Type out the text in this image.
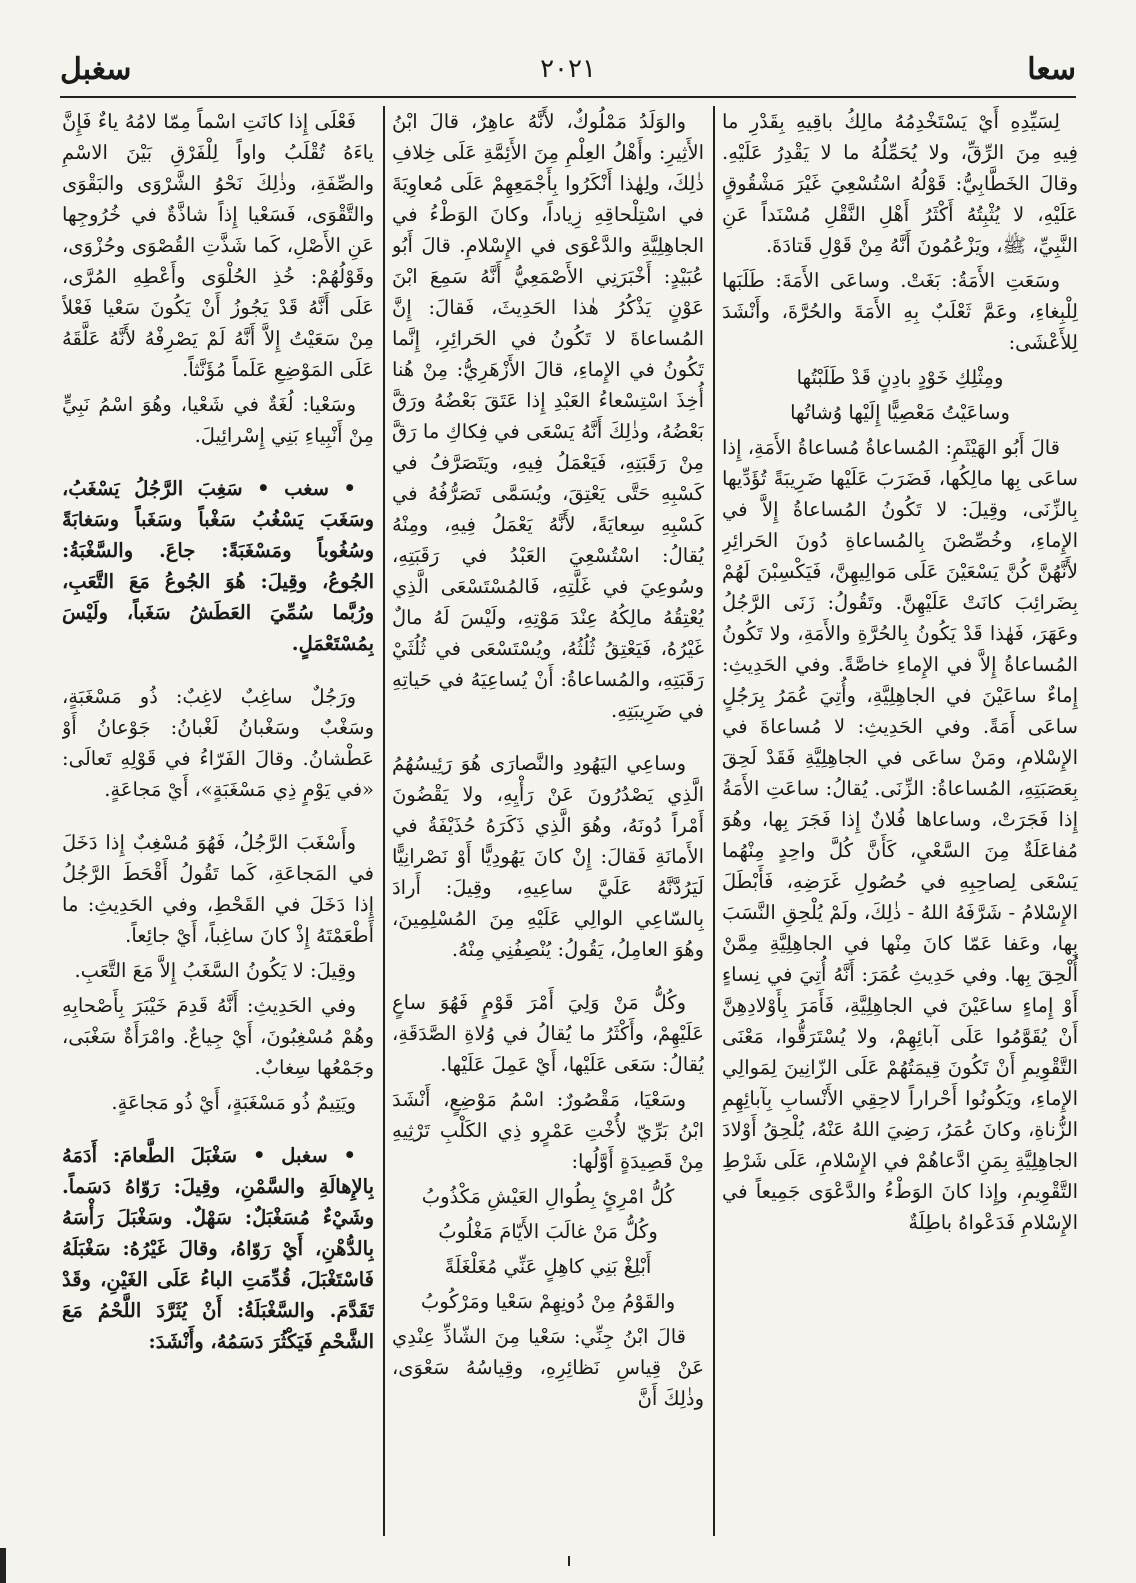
سعا
٢٠٢١
سغبل

لِسَيِّدِهِ أَيْ يَسْتَخْدِمُهُ مالِكُ باقِيهِ بِقَدْرِ ما فِيهِ مِنَ الرِّقِّ، ولا يُحَمِّلُهُ ما لا يَقْدِرُ عَلَيْهِ. وقالَ الخَطَّابِيُّ: قَوْلُهُ اسْتُسْعِيَ غَيْرَ مَشْقُوقٍ عَلَيْهِ، لا يُثْبِتُهُ أَكْثَرُ أَهْلِ النَّقْلِ مُسْنَداً عَنِ النَّبِيِّ، ﷺ، ويَزْعُمُونَ أَنَّهُ مِنْ قَوْلِ قَتادَةَ.

وسَعَتِ الأَمَةُ: بَغَتْ. وساعَى الأَمَةَ: طَلَبَها لِلْبِغاءِ، وعَمَّ ثَعْلَبٌ بِهِ الأَمَةَ والحُرَّةَ، وأَنْشَدَ لِلأَعْشَى:

ومِثْلِكِ خَوْدٍ بادِنٍ قَدْ طَلَبْتُها

وساعَيْتُ مَعْصِيًّا إِلَيْها وُشاتُها

قالَ أَبُو الهَيْثَمِ: المُساعاةُ مُساعاةُ الأَمَةِ، إِذا ساعَى بِها مالِكُها، فَضَرَبَ عَلَيْها ضَرِيبَةً تُؤَدِّيها بِالزِّنَى، وقِيلَ: لا تَكُونُ المُساعاةُ إِلاَّ في الإِماءِ، وخُصِّصْنَ بِالمُساعاةِ دُونَ الحَرائِرِ لأَنَّهُنَّ كُنَّ يَسْعَيْنَ عَلَى مَوالِيهِنَّ، فَيَكْسِبْنَ لَهُمْ بِضَرائِبَ كانَتْ عَلَيْهِنَّ. وتَقُولُ: زَنَى الرَّجُلُ وعَهَرَ، فَهٰذا قَدْ يَكُونُ بِالحُرَّةِ والأَمَةِ، ولا تَكُونُ المُساعاةُ إِلاَّ في الإِماءِ خاصَّةً. وفي الحَدِيثِ: إِماءٌ ساعَيْنَ في الجاهِلِيَّةِ، وأُتِيَ عُمَرُ بِرَجُلٍ ساعَى أَمَةً. وفي الحَدِيثِ: لا مُساعاةَ في الإِسْلامِ، ومَنْ ساعَى في الجاهِلِيَّةِ فَقَدْ لَحِقَ بِعَصَبَتِهِ، المُساعاةُ: الزِّنَى. يُقالُ: ساعَتِ الأَمَةُ إِذا فَجَرَتْ، وساعاها فُلانٌ إِذا فَجَرَ بِها، وهُوَ مُفاعَلَةٌ مِنَ السَّعْيِ، كَأَنَّ كُلَّ واحِدٍ مِنْهُما يَسْعَى لِصاحِبِهِ في حُصُولِ غَرَضِهِ، فَأَبْطَلَ الإِسْلامُ - شَرَّفَهُ اللهُ - ذٰلِكَ، ولَمْ يُلْحِقِ النَّسَبَ بِها، وعَفا عَمّا كانَ مِنْها في الجاهِلِيَّةِ مِمَّنْ أُلْحِقَ بِها. وفي حَدِيثِ عُمَرَ: أَنَّهُ أُتِيَ في نِساءٍ أَوْ إِماءٍ ساعَيْنَ في الجاهِلِيَّةِ، فَأَمَرَ بِأَوْلادِهِنَّ أَنْ يُقَوَّمُوا عَلَى آبائِهِمْ، ولا يُسْتَرَقُّوا، مَعْنَى التَّقْوِيمِ أَنْ تَكُونَ قِيمَتُهُمْ عَلَى الزّانِينَ لِمَوالِي الإِماءِ، ويَكُونُوا أَحْراراً لاحِقِي الأَنْسابِ بِآبائِهِمِ الزُّناةِ، وكانَ عُمَرُ، رَضِيَ اللهُ عَنْهُ، يُلْحِقُ أَوْلادَ الجاهِلِيَّةِ بِمَنِ ادَّعاهُمْ في الإِسْلامِ، عَلَى شَرْطِ التَّقْوِيمِ، وإِذا كانَ الوَطْءُ والدَّعْوَى جَمِيعاً في الإِسْلامِ فَدَعْواهُ باطِلَةٌ

والوَلَدُ مَمْلُوكٌ، لأَنَّهُ عاهِرٌ، قالَ ابْنُ الأَثِيرِ: وأَهْلُ العِلْمِ مِنَ الأَئِمَّةِ عَلَى خِلافِ ذٰلِكَ، ولِهٰذا أَنْكَرُوا بِأَجْمَعِهِمْ عَلَى مُعاوِيَةَ في اسْتِلْحاقِهِ زِياداً، وكانَ الوَطْءُ في الجاهِلِيَّةِ والدَّعْوَى في الإِسْلامِ. قالَ أَبُو عُبَيْدٍ: أَخْبَرَنِي الأَصْمَعِيُّ أَنَّهُ سَمِعَ ابْنَ عَوْنٍ يَذْكُرُ هٰذا الحَدِيثَ، فَقالَ: إِنَّ المُساعاةَ لا تَكُونُ في الحَرائِرِ، إِنَّما تَكُونُ في الإِماءِ، قالَ الأَزْهَرِيُّ: مِنْ هُنا أُخِذَ اسْتِسْعاءُ العَبْدِ إِذا عَتَقَ بَعْضُهُ ورَقَّ بَعْضُهُ، وذٰلِكَ أَنَّهُ يَسْعَى في فِكاكِ ما رَقَّ مِنْ رَقَبَتِهِ، فَيَعْمَلُ فِيهِ، ويَتَصَرَّفُ في كَسْبِهِ حَتَّى يَعْتِقَ، ويُسَمَّى تَصَرُّفُهُ في كَسْبِهِ سِعايَةً، لأَنَّهُ يَعْمَلُ فِيهِ، ومِنْهُ يُقالُ: اسْتُسْعِيَ العَبْدُ في رَقَبَتِهِ، وسُوعِيَ في غَلَّتِهِ، فَالمُسْتَسْعَى الَّذِي يُعْتِقُهُ مالِكُهُ عِنْدَ مَوْتِهِ، ولَيْسَ لَهُ مالٌ غَيْرُهُ، فَيَعْتِقُ ثُلُثُهُ، ويُسْتَسْعَى في ثُلُثَيْ رَقَبَتِهِ، والمُساعاةُ: أَنْ يُساعِيَهُ في حَياتِهِ في ضَرِيبَتِهِ.

وساعِي اليَهُودِ والنَّصارَى هُوَ رَئِيسُهُمُ الَّذِي يَصْدُرُونَ عَنْ رَأْيِهِ، ولا يَقْضُونَ أَمْراً دُونَهُ، وهُوَ الَّذِي ذَكَرَهُ حُذَيْفَةُ في الأَمانَةِ فَقالَ: إِنْ كانَ يَهُودِيًّا أَوْ نَصْرانِيًّا لَيَرُدَّنَّهُ عَلَيَّ ساعِيهِ، وقِيلَ: أَرادَ بِالسّاعِي الوالِي عَلَيْهِ مِنَ المُسْلِمِينَ، وهُوَ العامِلُ، يَقُولُ: يُنْصِفُنِي مِنْهُ.

وكُلُّ مَنْ وَلِيَ أَمْرَ قَوْمٍ فَهُوَ ساعٍ عَلَيْهِمْ، وأَكْثَرُ ما يُقالُ في وُلاةِ الصَّدَقَةِ، يُقالُ: سَعَى عَلَيْها، أَيْ عَمِلَ عَلَيْها.

وسَعْيَا، مَقْصُورٌ: اسْمُ مَوْضِعٍ، أَنْشَدَ ابْنُ بَرِّيّ لأُخْتِ عَمْرٍو ذِي الكَلْبِ تَرْثِيهِ مِنْ قَصِيدَةٍ أَوَّلُها:

كُلُّ امْرِئٍ بِطُوالِ العَيْشِ مَكْذُوبُ

وكُلُّ مَنْ غالَبَ الأَيّامَ مَغْلُوبُ

أَبْلِغْ بَنِي كاهِلٍ عَنِّي مُغَلْغَلَةً

والقَوْمُ مِنْ دُونِهِمْ سَعْيا ومَرْكُوبُ

قالَ ابْنُ جِنِّي: سَعْيا مِنَ الشّاذِّ عِنْدِي عَنْ قِياسِ نَظائِرِهِ، وقِياسُهُ سَعْوَى، وذٰلِكَ أَنَّ

فَعْلَى إِذا كانَتِ اسْماً مِمّا لامُهُ ياءٌ فَإِنَّ ياءَهُ تُقْلَبُ واواً لِلْفَرْقِ بَيْنَ الاسْمِ والصِّفَةِ، وذٰلِكَ نَحْوُ الشَّرْوَى والبَقْوَى والتَّقْوَى، فَسَعْيا إِذاً شاذَّةٌ في خُرُوجِها عَنِ الأَصْلِ، كَما شَذَّتِ القُصْوَى وحُزْوَى، وقَوْلُهُمْ: خُذِ الحُلْوَى وأَعْطِهِ المُرَّى، عَلَى أَنَّهُ قَدْ يَجُوزُ أَنْ يَكُونَ سَعْيا فَعْلاً مِنْ سَعَيْتُ إِلاَّ أَنَّهُ لَمْ يَصْرِفْهُ لأَنَّهُ عَلَّقَهُ عَلَى المَوْضِعِ عَلَماً مُؤَنَّثاً.

وسَعْيا: لُغَةٌ في شَعْيا، وهُوَ اسْمُ نَبِيٍّ مِنْ أَنْبِياءِ بَنِي إِسْرائِيلَ.

• سغب • سَغِبَ الرَّجُلُ يَسْغَبُ، وسَغَبَ يَسْغُبُ سَغْباً وسَغَباً وسَغابَةً وسُغُوباً ومَسْغَبَةً: جاعَ. والسَّغْبَةُ: الجُوعُ، وقِيلَ: هُوَ الجُوعُ مَعَ التَّعَبِ، ورُبَّما سُمِّيَ العَطَشُ سَغَباً، ولَيْسَ بِمُسْتَعْمَلٍ.

ورَجُلٌ ساغِبٌ لاغِبٌ: ذُو مَسْغَبَةٍ، وسَغْبٌ وسَغْبانُ لَغْبانُ: جَوْعانُ أَوْ عَطْشانُ. وقالَ الفَرّاءُ في قَوْلِهِ تَعالَى: «في يَوْمٍ ذِي مَسْغَبَةٍ»، أَيْ مَجاعَةٍ.

وأَسْغَبَ الرَّجُلُ، فَهُوَ مُسْغِبٌ إِذا دَخَلَ في المَجاعَةِ، كَما تَقُولُ أَقْحَطَ الرَّجُلُ إِذا دَخَلَ في القَحْطِ، وفي الحَدِيثِ: ما أَطْعَمْتَهُ إِذْ كانَ ساغِباً، أَيْ جائِعاً.

وقِيلَ: لا يَكُونُ السَّغَبُ إِلاَّ مَعَ التَّعَبِ.

وفي الحَدِيثِ: أَنَّهُ قَدِمَ خَيْبَرَ بِأَصْحابِهِ وهُمْ مُسْغِبُونَ، أَيْ جِياعٌ. وامْرَأَةٌ سَغْبَى، وجَمْعُها سِغابٌ.

ويَتِيمٌ ذُو مَسْغَبَةٍ، أَيْ ذُو مَجاعَةٍ.

• سغبل • سَغْبَلَ الطَّعامَ: أَدَمَهُ بِالإِهالَةِ والسَّمْنِ، وقِيلَ: رَوّاهُ دَسَماً. وشَيْءٌ مُسَغْبَلٌ: سَهْلٌ. وسَغْبَلَ رَأْسَهُ بِالدُّهْنِ، أَيْ رَوّاهُ، وقالَ غَيْرُهُ: سَغْبَلَهُ فَاسْتَغْبَلَ، قُدِّمَتِ الباءُ عَلَى الغَيْنِ، وقَدْ تَقَدَّمَ. والسَّغْبَلَةُ: أَنْ يُثَرَّدَ اللَّحْمُ مَعَ الشَّحْمِ فَيَكْثُرَ دَسَمُهُ، وأَنْشَدَ:
